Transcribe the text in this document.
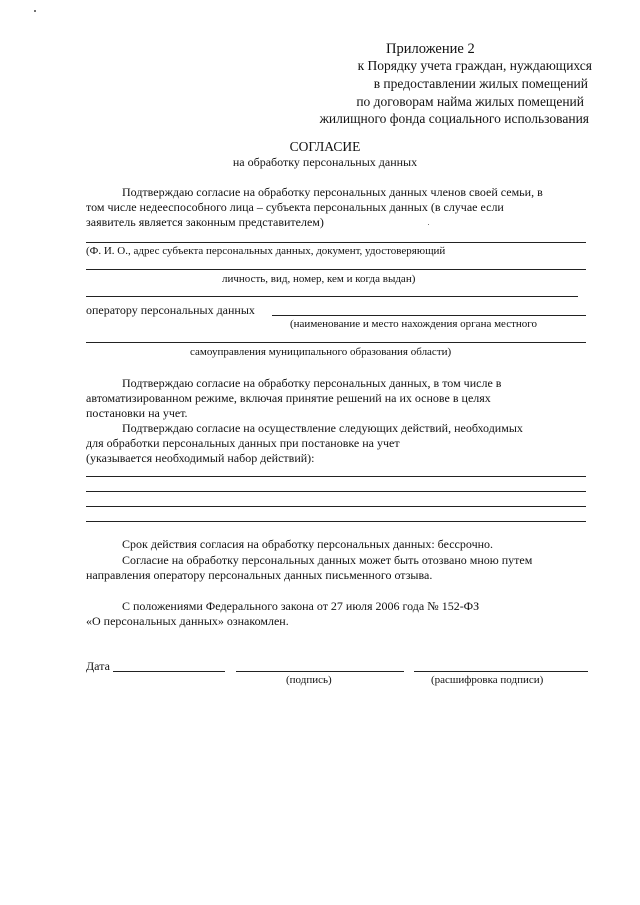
Приложение 2
к Порядку учета граждан, нуждающихся
в предоставлении жилых помещений
по договорам найма жилых помещений
жилищного фонда социального использования
СОГЛАСИЕ
на обработку персональных данных
Подтверждаю согласие на обработку персональных данных членов своей семьи, в
том числе недееспособного лица – субъекта персональных данных (в случае если
заявитель является законным представителем)
(Ф. И. О., адрес субъекта персональных данных, документ, удостоверяющий
личность, вид, номер, кем и когда выдан)
оператору персональных данных
(наименование и место нахождения органа местного
самоуправления муниципального образования области)
Подтверждаю согласие на обработку персональных данных, в том числе в
автоматизированном режиме, включая принятие решений на их основе в целях
постановки на учет.
Подтверждаю согласие на осуществление следующих действий, необходимых
для обработки персональных данных при постановке на учет
(указывается необходимый набор действий):
Срок действия согласия на обработку персональных данных: бессрочно.
Согласие на обработку персональных данных может быть отозвано мною путем
направления оператору персональных данных письменного отзыва.
С положениями Федерального закона от 27 июля 2006 года № 152-ФЗ
«О персональных данных» ознакомлен.
Дата
(подпись)	(расшифровка подписи)
